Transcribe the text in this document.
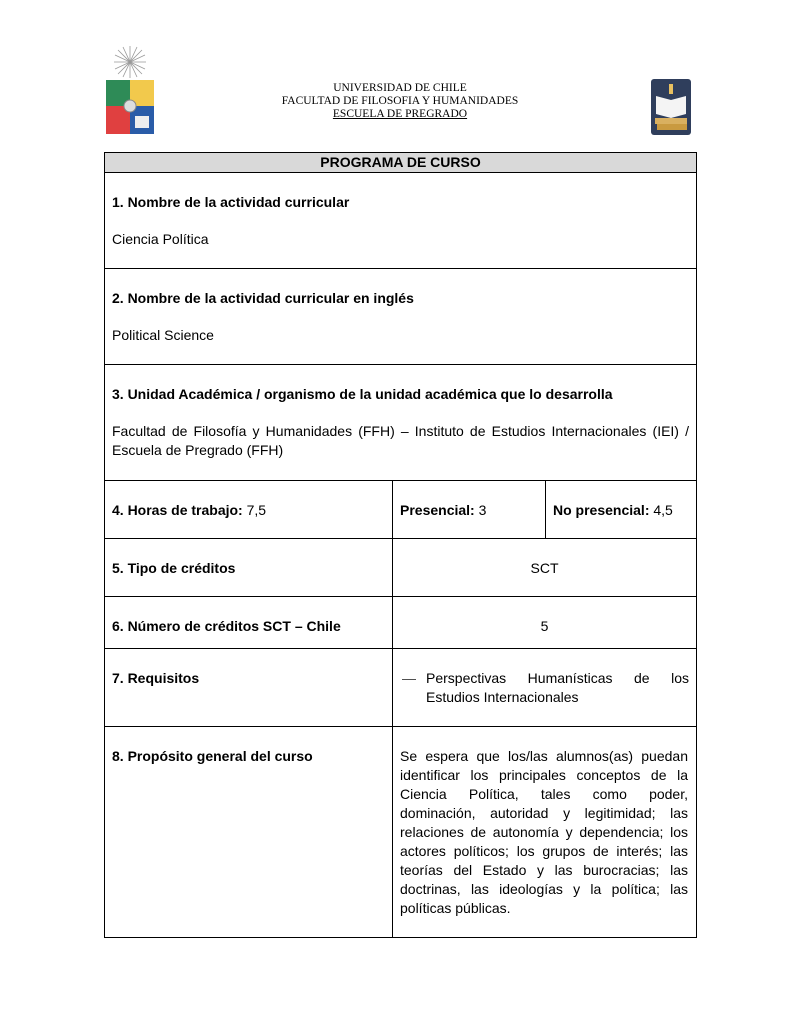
UNIVERSIDAD DE CHILE
FACULTAD DE FILOSOFIA Y HUMANIDADES
ESCUELA DE PREGRADO
PROGRAMA DE CURSO
1. Nombre de la actividad curricular
Ciencia Política
2. Nombre de la actividad curricular en inglés
Political Science
3. Unidad Académica / organismo de la unidad académica que lo desarrolla
Facultad de Filosofía y Humanidades (FFH) – Instituto de Estudios Internacionales (IEI) / Escuela de Pregrado (FFH)
4. Horas de trabajo: 7,5	Presencial: 3	No presencial: 4,5
5. Tipo de créditos	SCT
6. Número de créditos SCT – Chile	5
7. Requisitos	— Perspectivas Humanísticas de los Estudios Internacionales
8. Propósito general del curso	Se espera que los/las alumnos(as) puedan identificar los principales conceptos de la Ciencia Política, tales como poder, dominación, autoridad y legitimidad; las relaciones de autonomía y dependencia; los actores políticos; los grupos de interés; las teorías del Estado y las burocracias; las doctrinas, las ideologías y la política; las políticas públicas.
